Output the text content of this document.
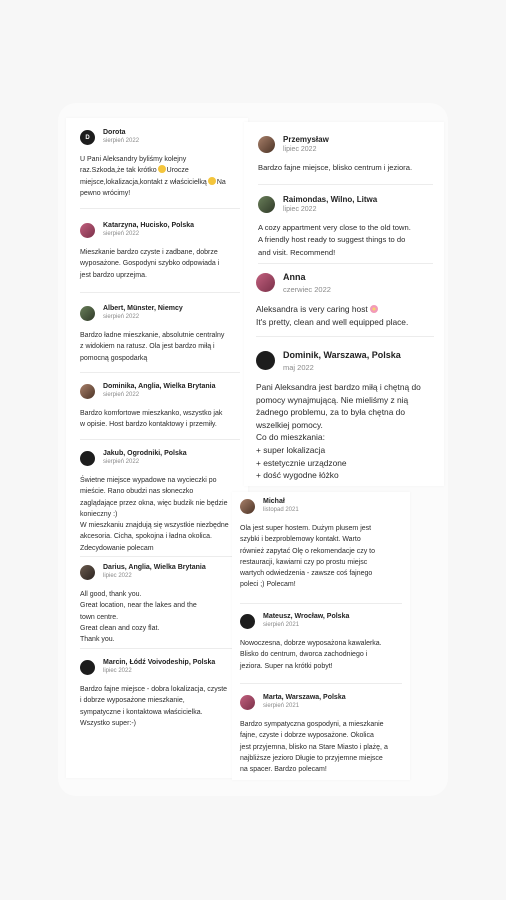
D
Dorota
sierpień 2022
U Pani Aleksandry byliśmy kolejny
raz.Szkoda,że tak krótko Urocze
miejsce,lokalizacja,kontakt z właścicielką Na
pewno wrócimy!
Katarzyna, Hucisko, Polska
sierpień 2022
Mieszkanie bardzo czyste i zadbane, dobrze
wyposażone. Gospodyni szybko odpowiada i
jest bardzo uprzejma.
Albert, Münster, Niemcy
sierpień 2022
Bardzo ładne mieszkanie, absolutnie centralny
z widokiem na ratusz. Ola jest bardzo miłą i
pomocną gospodarką
Dominika, Anglia, Wielka Brytania
sierpień 2022
Bardzo komfortowe mieszkanko, wszystko jak
w opisie. Host bardzo kontaktowy i przemiły.
Jakub, Ogrodniki, Polska
sierpień 2022
Świetne miejsce wypadowe na wycieczki po
mieście. Rano obudzi nas słoneczko
zaglądające przez okna, więc budzik nie będzie
konieczny :)
W mieszkaniu znajdują się wszystkie niezbędne
akcesoria. Cicha, spokojna i ładna okolica.
Zdecydowanie polecam
Darius, Anglia, Wielka Brytania
lipiec 2022
All good, thank you.
Great location, near the lakes and the
town centre.
Great clean and cozy flat.
Thank you.
Marcin, Łódź Voivodeship, Polska
lipiec 2022
Bardzo fajne miejsce - dobra lokalizacja, czyste
i dobrze wyposażone mieszkanie,
sympatyczne i kontaktowa właścicielka.
Wszystko super:-)
Przemysław
lipiec 2022
Bardzo fajne miejsce, blisko centrum i jeziora.
Raimondas, Wilno, Litwa
lipiec 2022
A cozy appartment very close to the old town.
A friendly host ready to suggest things to do
and visit. Recommend!
Anna
czerwiec 2022
Aleksandra is very caring host
It's pretty, clean and well equipped place.
Dominik, Warszawa, Polska
maj 2022
Pani Aleksandra jest bardzo miłą i chętną do
pomocy wynajmującą. Nie mieliśmy z nią
żadnego problemu, za to była chętna do
wszelkiej pomocy.
Co do mieszkania:
+ super lokalizacja
+ estetycznie urządzone
+ dość wygodne łóżko
Michał
listopad 2021
Ola jest super hostem. Dużym plusem jest
szybki i bezproblemowy kontakt. Warto
również zapytać Olę o rekomendacje czy to
restauracji, kawiarni czy po prostu miejsc
wartych odwiedzenia - zawsze coś fajnego
poleci ;) Polecam!
Mateusz, Wrocław, Polska
sierpień 2021
Nowoczesna, dobrze wyposażona kawalerka.
Blisko do centrum, dworca zachodniego i
jeziora. Super na krótki pobyt!
Marta, Warszawa, Polska
sierpień 2021
Bardzo sympatyczna gospodyni, a mieszkanie
fajne, czyste i dobrze wyposażone. Okolica
jest przyjemna, blisko na Stare Miasto i plażę, a
najbliższe jezioro Długie to przyjemne miejsce
na spacer. Bardzo polecam!
